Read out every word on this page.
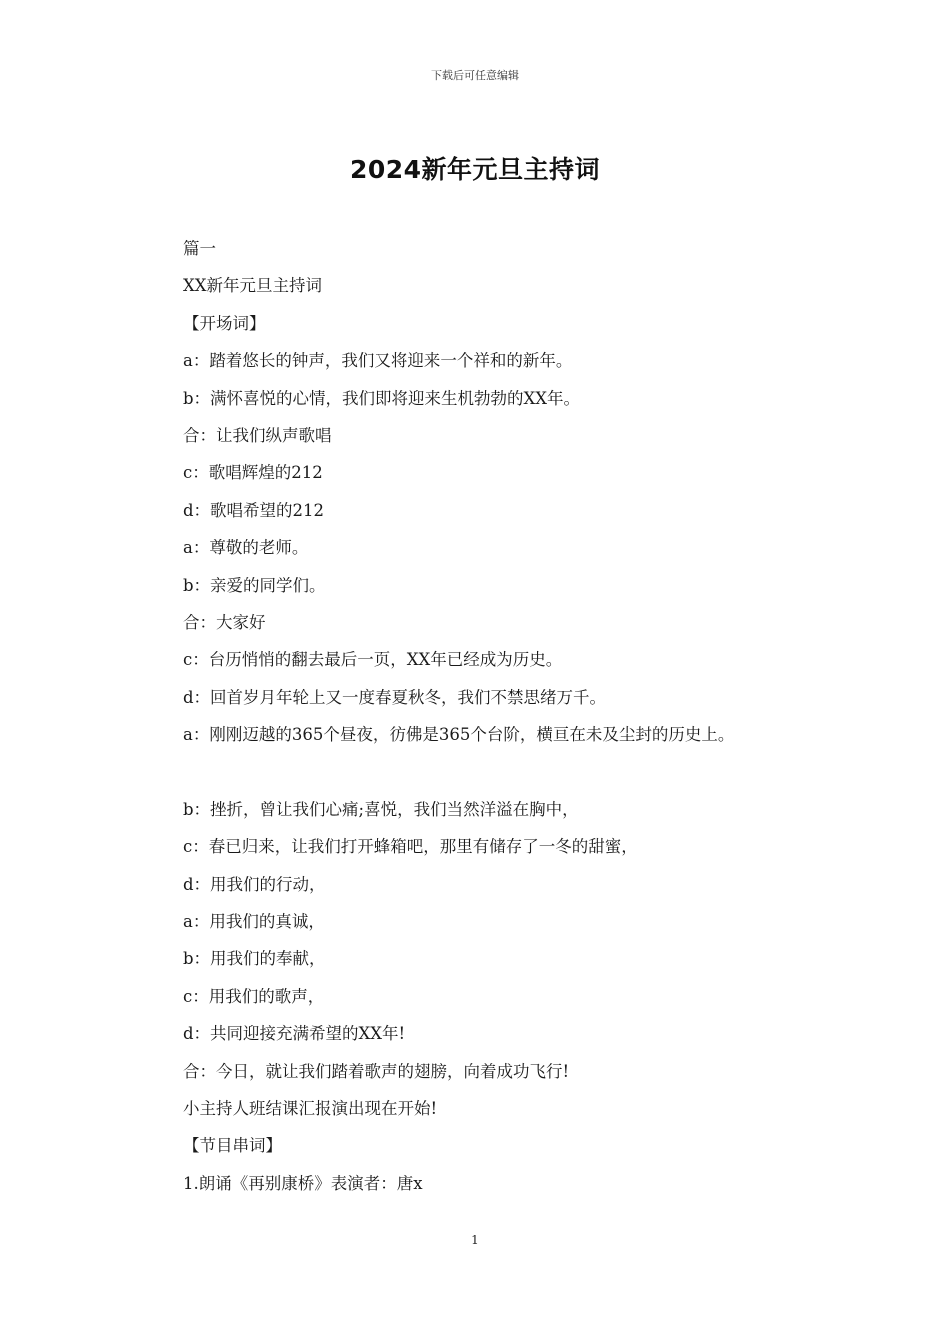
下载后可任意编辑
2024新年元旦主持词
篇一
XX新年元旦主持词
【开场词】
a：踏着悠长的钟声，我们又将迎来一个祥和的新年。
b：满怀喜悦的心情，我们即将迎来生机勃勃的XX年。
合：让我们纵声歌唱
c：歌唱辉煌的212
d：歌唱希望的212
a：尊敬的老师。
b：亲爱的同学们。
合：大家好
c：台历悄悄的翻去最后一页，XX年已经成为历史。
d：回首岁月年轮上又一度春夏秋冬，我们不禁思绪万千。
a：刚刚迈越的365个昼夜，彷佛是365个台阶，横亘在未及尘封的历史上。
b：挫折，曾让我们心痛;喜悦，我们当然洋溢在胸中，
c：春已归来，让我们打开蜂箱吧，那里有储存了一冬的甜蜜，
d：用我们的行动，
a：用我们的真诚，
b：用我们的奉献，
c：用我们的歌声，
d：共同迎接充满希望的XX年!
合：今日，就让我们踏着歌声的翅膀，向着成功飞行!
小主持人班结课汇报演出现在开始!
【节目串词】
1.朗诵《再别康桥》表演者：唐x
1
